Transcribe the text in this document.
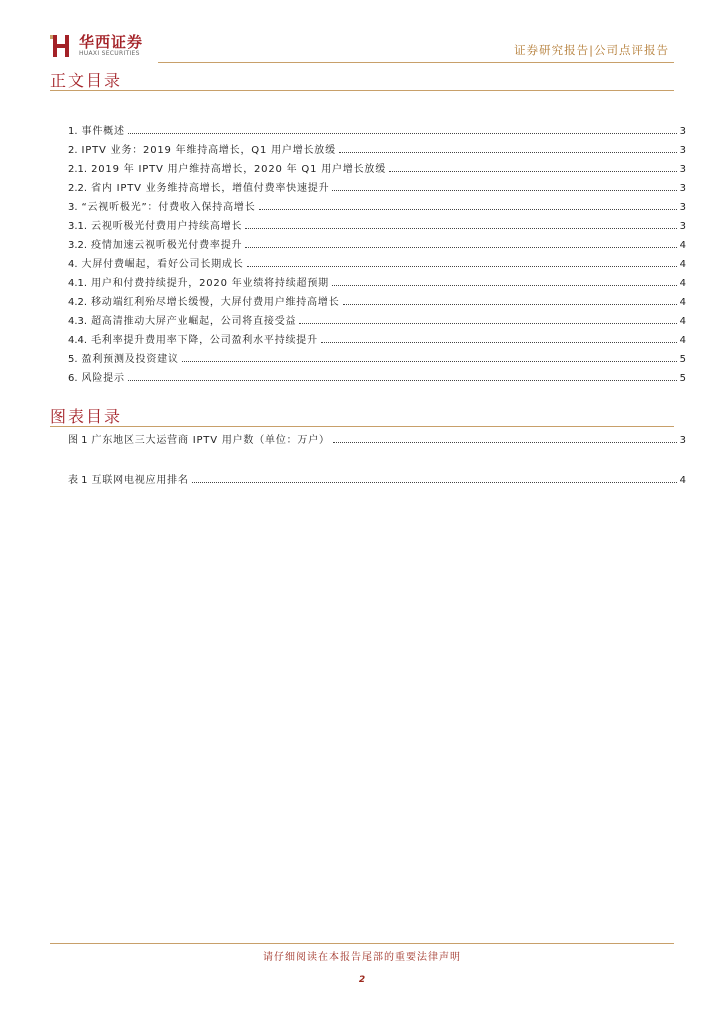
华西证券
HUAXI SECURITIES	证券研究报告|公司点评报告
正文目录
1. 事件概述	3
2. IPTV 业务：2019 年维持高增长，Q1 用户增长放缓	3
2.1. 2019 年 IPTV 用户维持高增长，2020 年 Q1 用户增长放缓	3
2.2. 省内 IPTV 业务维持高增长，增值付费率快速提升	3
3. “云视听极光”：付费收入保持高增长	3
3.1. 云视听极光付费用户持续高增长	3
3.2. 疫情加速云视听极光付费率提升	4
4. 大屏付费崛起，看好公司长期成长	4
4.1. 用户和付费持续提升，2020 年业绩将持续超预期	4
4.2. 移动端红利殆尽增长缓慢，大屏付费用户维持高增长	4
4.3. 超高清推动大屏产业崛起，公司将直接受益	4
4.4. 毛利率提升费用率下降，公司盈利水平持续提升	4
5. 盈利预测及投资建议	5
6. 风险提示	5
图表目录
图 1 广东地区三大运营商 IPTV 用户数（单位：万户）	3
表 1 互联网电视应用排名	4
请仔细阅读在本报告尾部的重要法律声明
2
